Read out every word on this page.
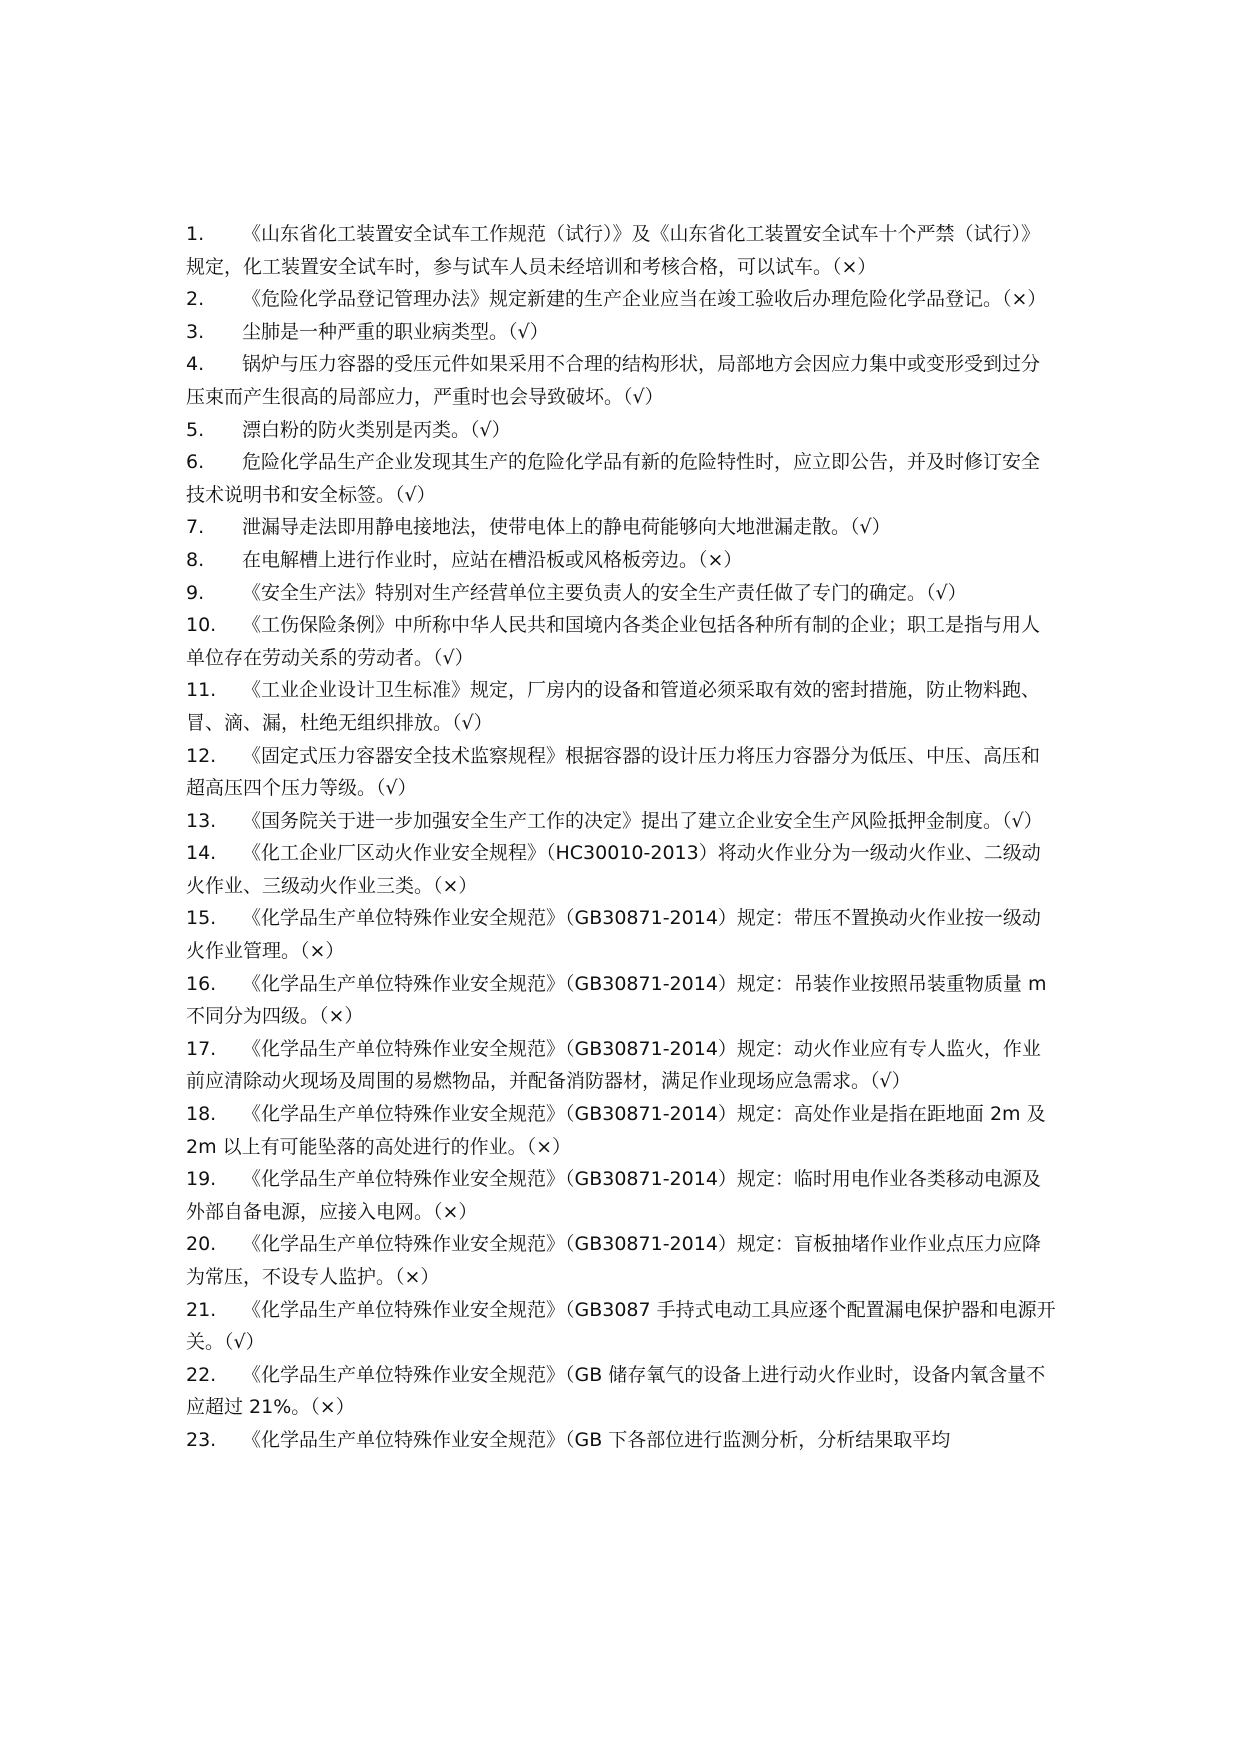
1. 《山东省化工装置安全试车工作规范（试行）》及《山东省化工装置安全试车十个严禁（试行）》规定，化工装置安全试车时，参与试车人员未经培训和考核合格，可以试车。（×）

2. 《危险化学品登记管理办法》规定新建的生产企业应当在竣工验收后办理危险化学品登记。（×）

3. 尘肺是一种严重的职业病类型。（√）

4. 锅炉与压力容器的受压元件如果采用不合理的结构形状，局部地方会因应力集中或变形受到过分压束而产生很高的局部应力，严重时也会导致破坏。（√）

5. 漂白粉的防火类别是丙类。（√）

6. 危险化学品生产企业发现其生产的危险化学品有新的危险特性时，应立即公告，并及时修订安全技术说明书和安全标签。（√）

7. 泄漏导走法即用静电接地法，使带电体上的静电荷能够向大地泄漏走散。（√）

8. 在电解槽上进行作业时，应站在槽沿板或风格板旁边。（×）

9. 《安全生产法》特别对生产经营单位主要负责人的安全生产责任做了专门的确定。（√）

10. 《工伤保险条例》中所称中华人民共和国境内各类企业包括各种所有制的企业；职工是指与用人单位存在劳动关系的劳动者。（√）

11. 《工业企业设计卫生标准》规定，厂房内的设备和管道必须采取有效的密封措施，防止物料跑、冒、滴、漏，杜绝无组织排放。（√）

12. 《固定式压力容器安全技术监察规程》根据容器的设计压力将压力容器分为低压、中压、高压和超高压四个压力等级。（√）

13. 《国务院关于进一步加强安全生产工作的决定》提出了建立企业安全生产风险抵押金制度。（√）

14. 《化工企业厂区动火作业安全规程》（HC30010-2013）将动火作业分为一级动火作业、二级动火作业、三级动火作业三类。（×）

15. 《化学品生产单位特殊作业安全规范》（GB30871-2014）规定：带压不置换动火作业按一级动火作业管理。（×）

16. 《化学品生产单位特殊作业安全规范》（GB30871-2014）规定：吊装作业按照吊装重物质量 m 不同分为四级。（×）

17. 《化学品生产单位特殊作业安全规范》（GB30871-2014）规定：动火作业应有专人监火，作业前应清除动火现场及周围的易燃物品，并配备消防器材，满足作业现场应急需求。（√）

18. 《化学品生产单位特殊作业安全规范》（GB30871-2014）规定：高处作业是指在距地面 2m 及 2m 以上有可能坠落的高处进行的作业。（×）

19. 《化学品生产单位特殊作业安全规范》（GB30871-2014）规定：临时用电作业各类移动电源及外部自备电源，应接入电网。（×）

20. 《化学品生产单位特殊作业安全规范》（GB30871-2014）规定：盲板抽堵作业作业点压力应降为常压，不设专人监护。（×）

21. 《化学品生产单位特殊作业安全规范》（GB3087 手持式电动工具应逐个配置漏电保护器和电源开关。（√）

22. 《化学品生产单位特殊作业安全规范》（GB 储存氧气的设备上进行动火作业时，设备内氧含量不应超过 21%。（×）

23. 《化学品生产单位特殊作业安全规范》（GB 下各部位进行监测分析，分析结果取平均
